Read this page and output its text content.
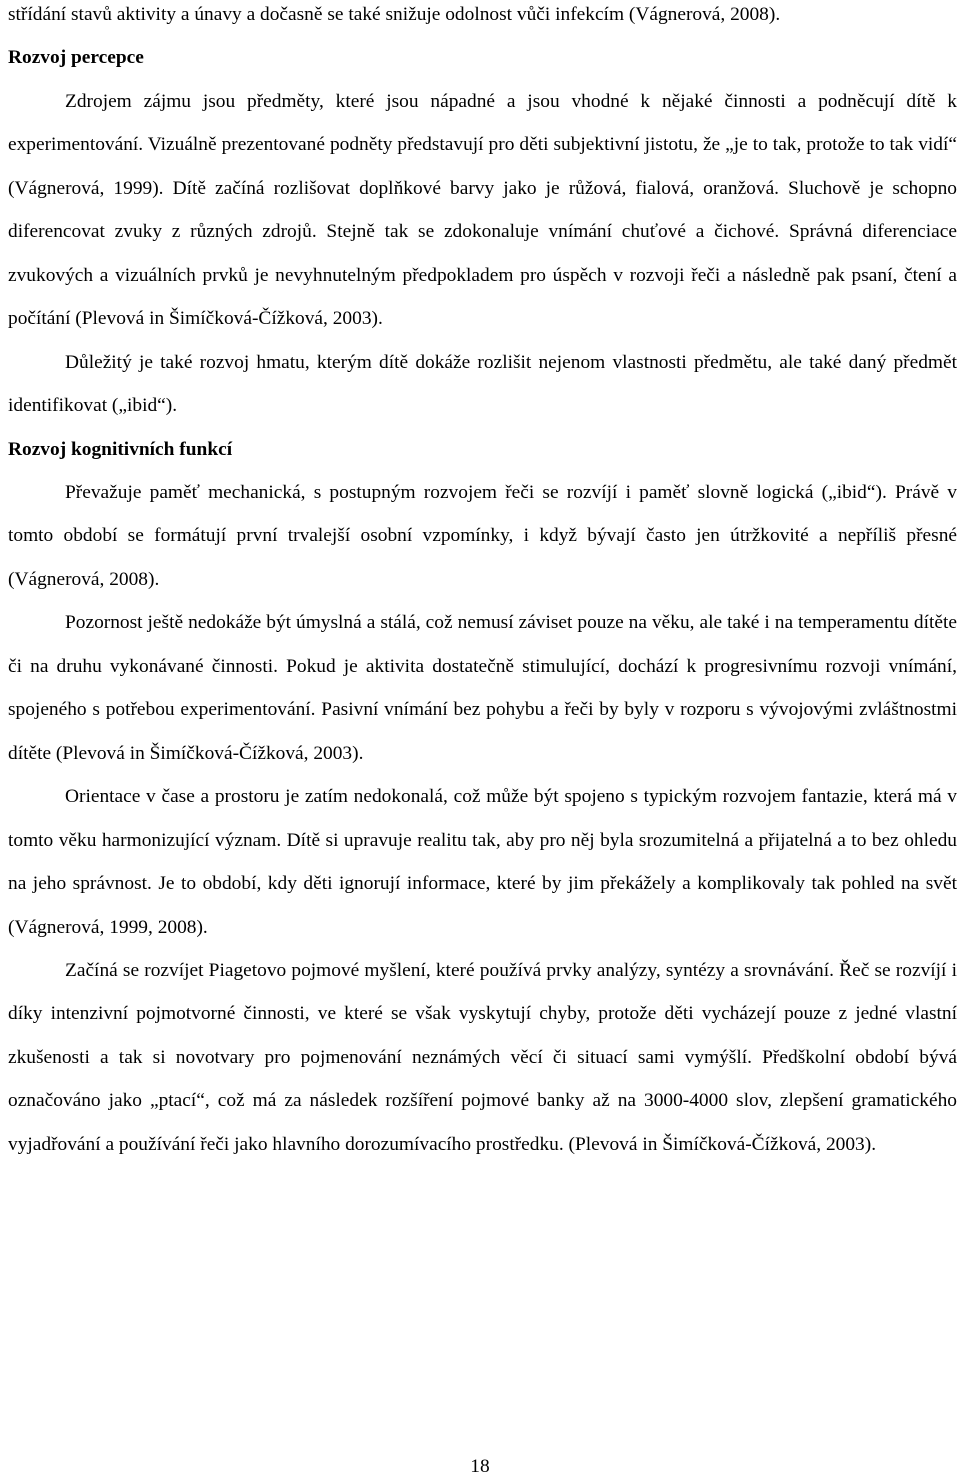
střídání stavů aktivity a únavy a dočasně se také snižuje odolnost vůči infekcím (Vágnerová, 2008).

Rozvoj percepce

Zdrojem zájmu jsou předměty, které jsou nápadné a jsou vhodné k nějaké činnosti a podněcují dítě k experimentování. Vizuálně prezentované podněty představují pro děti subjektivní jistotu, že „je to tak, protože to tak vidí“ (Vágnerová, 1999). Dítě začíná rozlišovat doplňkové barvy jako je růžová, fialová, oranžová. Sluchově je schopno diferencovat zvuky z různých zdrojů. Stejně tak se zdokonaluje vnímání chuťové a čichové. Správná diferenciace zvukových a vizuálních prvků je nevyhnutelným předpokladem pro úspěch v rozvoji řeči a následně pak psaní, čtení a počítání (Plevová in Šimíčková-Čížková, 2003).

Důležitý je také rozvoj hmatu, kterým dítě dokáže rozlišit nejenom vlastnosti předmětu, ale také daný předmět identifikovat („ibid“).

Rozvoj kognitivních funkcí

Převažuje paměť mechanická, s postupným rozvojem řeči se rozvíjí i paměť slovně logická („ibid“). Právě v tomto období se formátují první trvalejší osobní vzpomínky, i když bývají často jen útržkovité a nepříliš přesné (Vágnerová, 2008).

Pozornost ještě nedokáže být úmyslná a stálá, což nemusí záviset pouze na věku, ale také i na temperamentu dítěte či na druhu vykonávané činnosti. Pokud je aktivita dostatečně stimulující, dochází k progresivnímu rozvoji vnímání, spojeného s potřebou experimentování. Pasivní vnímání bez pohybu a řeči by byly v rozporu s vývojovými zvláštnostmi dítěte (Plevová in Šimíčková-Čížková, 2003).

Orientace v čase a prostoru je zatím nedokonalá, což může být spojeno s typickým rozvojem fantazie, která má v tomto věku harmonizující význam. Dítě si upravuje realitu tak, aby pro něj byla srozumitelná a přijatelná a to bez ohledu na jeho správnost. Je to období, kdy děti ignorují informace, které by jim překážely a komplikovaly tak pohled na svět (Vágnerová, 1999, 2008).

Začíná se rozvíjet Piagetovo pojmové myšlení, které používá prvky analýzy, syntézy a srovnávání. Řeč se rozvíjí i díky intenzivní pojmotvorné činnosti, ve které se však vyskytují chyby, protože děti vycházejí pouze z jedné vlastní zkušenosti a tak si novotvary pro pojmenování neznámých věcí či situací sami vymýšlí. Předškolní období bývá označováno jako „ptací“, což má za následek rozšíření pojmové banky až na 3000-4000 slov, zlepšení gramatického vyjadřování a používání řeči jako hlavního dorozumívacího prostředku. (Plevová in Šimíčková-Čížková, 2003).

18
